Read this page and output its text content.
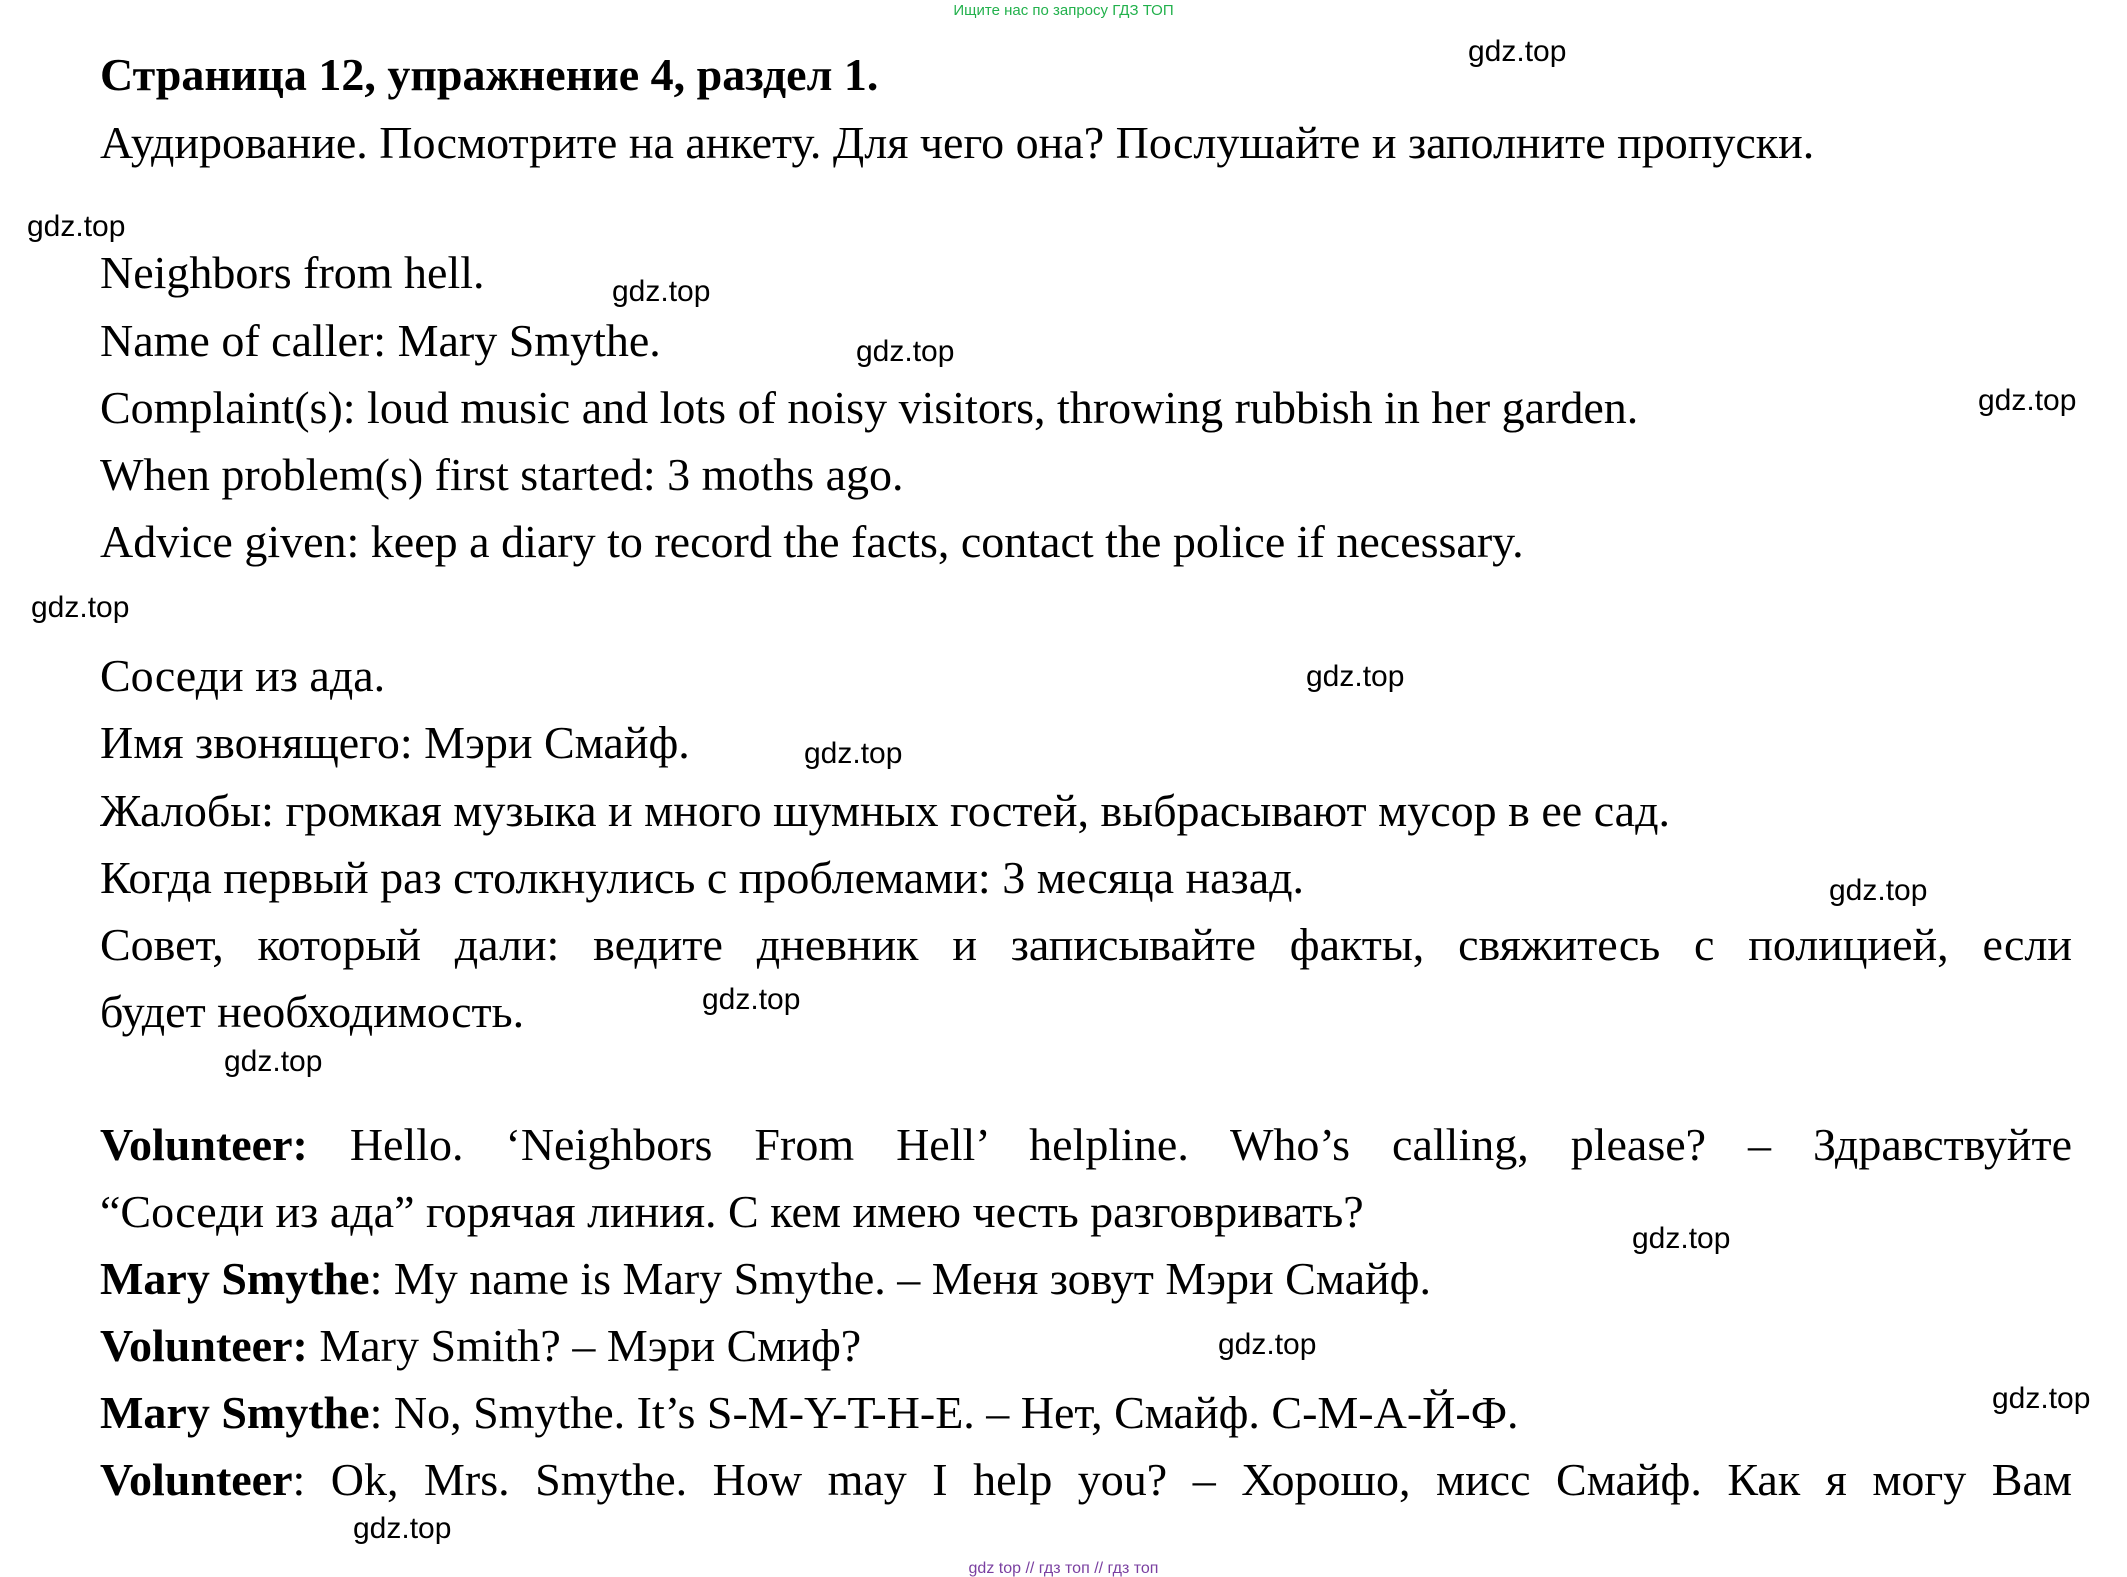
Ищите нас по запросу ГДЗ ТОП
Страница 12, упражнение 4, раздел 1.
Аудирование. Посмотрите на анкету. Для чего она? Послушайте и заполните пропуски.
Neighbors from hell.
Name of caller: Mary Smythe.
Complaint(s): loud music and lots of noisy visitors, throwing rubbish in her garden.
When problem(s) first started: 3 moths ago.
Advice given: keep a diary to record the facts, contact the police if necessary.
Соседи из ада.
Имя звонящего: Мэри Смайф.
Жалобы: громкая музыка и много шумных гостей, выбрасывают мусор в ее сад.
Когда первый раз столкнулись с проблемами: 3 месяца назад.
Совет, который дали: ведите дневник и записывайте факты, свяжитесь с полицией, если
будет необходимость.
Volunteer: Hello. ‘Neighbors From Hell’ helpline. Who’s calling, please? – Здравствуйте
“Соседи из ада” горячая линия. С кем имею честь разговривать?
Mary Smythe: My name is Mary Smythe. – Меня зовут Мэри Смайф.
Volunteer: Mary Smith? – Мэри Смиф?
Mary Smythe: No, Smythe. It’s S-M-Y-T-H-E. – Нет, Смайф. С-М-А-Й-Ф.
Volunteer: Ok, Mrs. Smythe. How may I help you? – Хорошо, мисс Смайф. Как я могу Вам
gdz.top
gdz.top
gdz.top
gdz.top
gdz.top
gdz.top
gdz.top
gdz.top
gdz.top
gdz.top
gdz.top
gdz.top
gdz.top
gdz.top
gdz.top
gdz top // гдз топ // гдз топ
